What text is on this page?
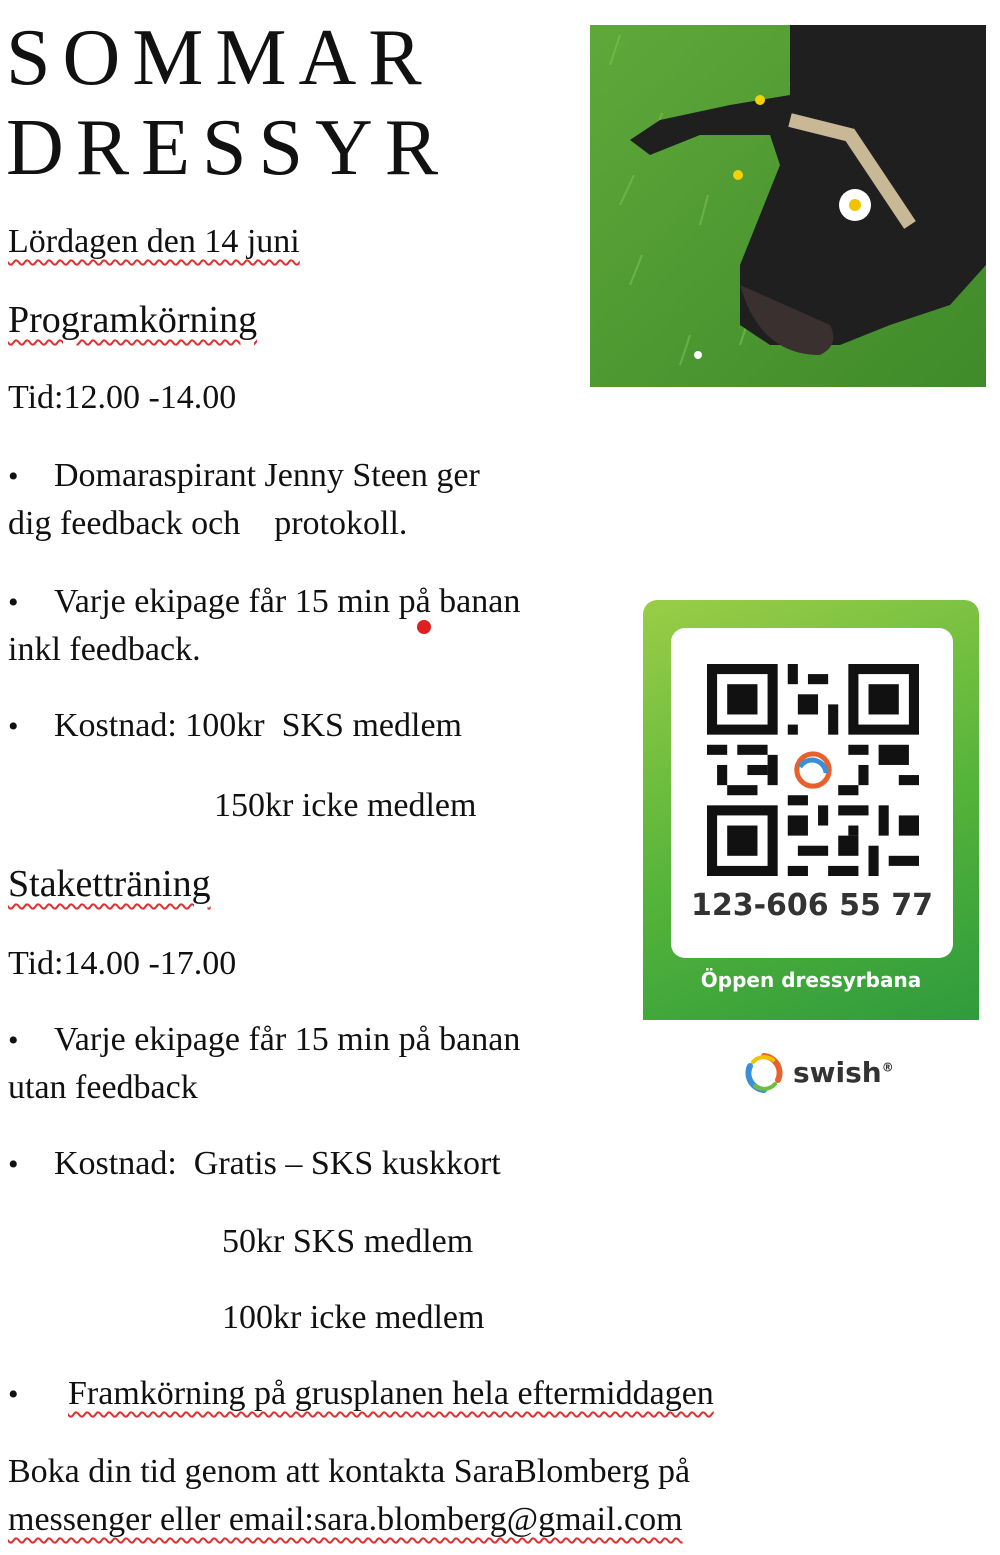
SOMMAR
DRESSYR
Lördagen den 14 juni
Programkörning
Tid:12.00 -14.00
• Domaraspirant Jenny Steen ger
dig feedback och    protokoll.
• Varje ekipage får 15 min på banan
inkl feedback.
• Kostnad: 100kr  SKS medlem
150kr icke medlem
Staketträning
Tid:14.00 -17.00
• Varje ekipage får 15 min på banan
utan feedback
• Kostnad:  Gratis – SKS kuskkort
50kr SKS medlem
100kr icke medlem
• Framkörning på grusplanen hela eftermiddagen
Boka din tid genom att kontakta SaraBlomberg på
messenger eller email:sara.blomberg@gmail.com
123-606 55 77
Öppen dressyrbana
swish®
